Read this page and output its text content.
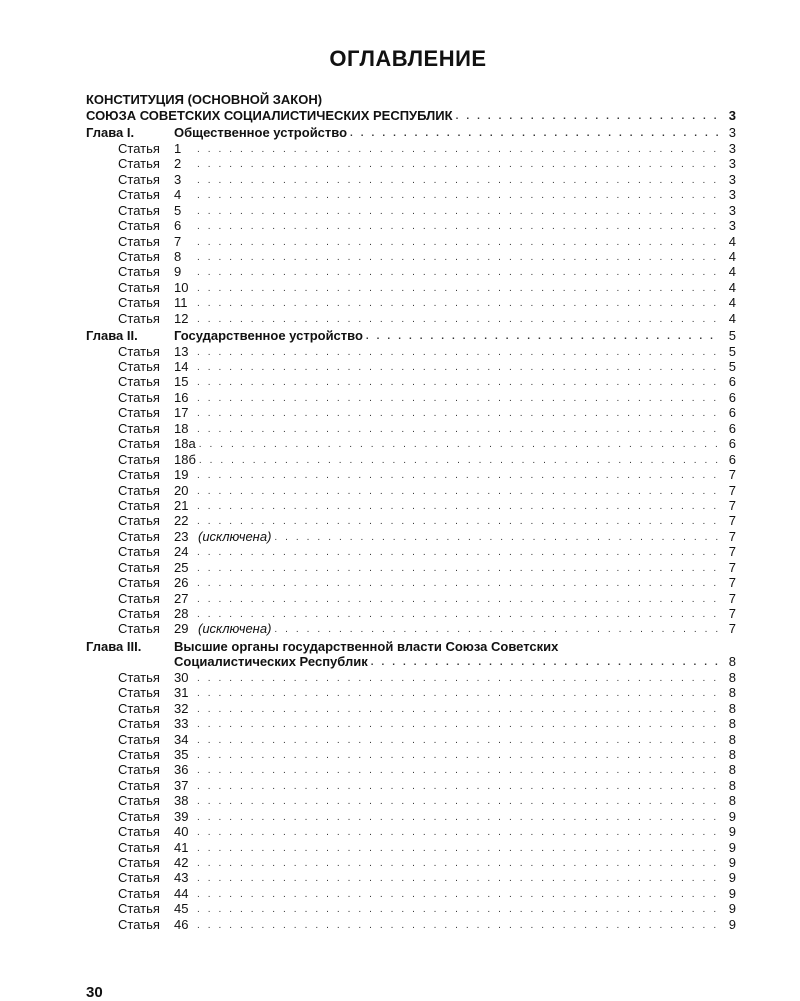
ОГЛАВЛЕНИЕ
КОНСТИТУЦИЯ (ОСНОВНОЙ ЗАКОН)
СОЮЗА СОВЕТСКИХ СОЦИАЛИСТИЧЕСКИХ РЕСПУБЛИК . . .	3
Глава I.	Общественное устройство . . .	3
Статья	1 . . .	3
Статья	2 . . .	3
Статья	3 . . .	3
Статья	4 . . .	3
Статья	5 . . .	3
Статья	6 . . .	3
Статья	7 . . .	4
Статья	8 . . .	4
Статья	9 . . .	4
Статья	10 . . .	4
Статья	11 . . .	4
Статья	12 . . .	4
Глава II.	Государственное устройство . . .	5
Статья	13 . . .	5
Статья	14 . . .	5
Статья	15 . . .	6
Статья	16 . . .	6
Статья	17 . . .	6
Статья	18 . . .	6
Статья	18а . . .	6
Статья	18б . . .	6
Статья	19 . . .	7
Статья	20 . . .	7
Статья	21 . . .	7
Статья	22 . . .	7
Статья	23 (исключена) . . .	7
Статья	24 . . .	7
Статья	25 . . .	7
Статья	26 . . .	7
Статья	27 . . .	7
Статья	28 . . .	7
Статья	29 (исключена) . . .	7
Глава III.	Высшие органы государственной власти Союза Советских
Социалистических Республик . . .	8
Статья	30 . . .	8
Статья	31 . . .	8
Статья	32 . . .	8
Статья	33 . . .	8
Статья	34 . . .	8
Статья	35 . . .	8
Статья	36 . . .	8
Статья	37 . . .	8
Статья	38 . . .	8
Статья	39 . . .	9
Статья	40 . . .	9
Статья	41 . . .	9
Статья	42 . . .	9
Статья	43 . . .	9
Статья	44 . . .	9
Статья	45 . . .	9
Статья	46 . . .	9
30
